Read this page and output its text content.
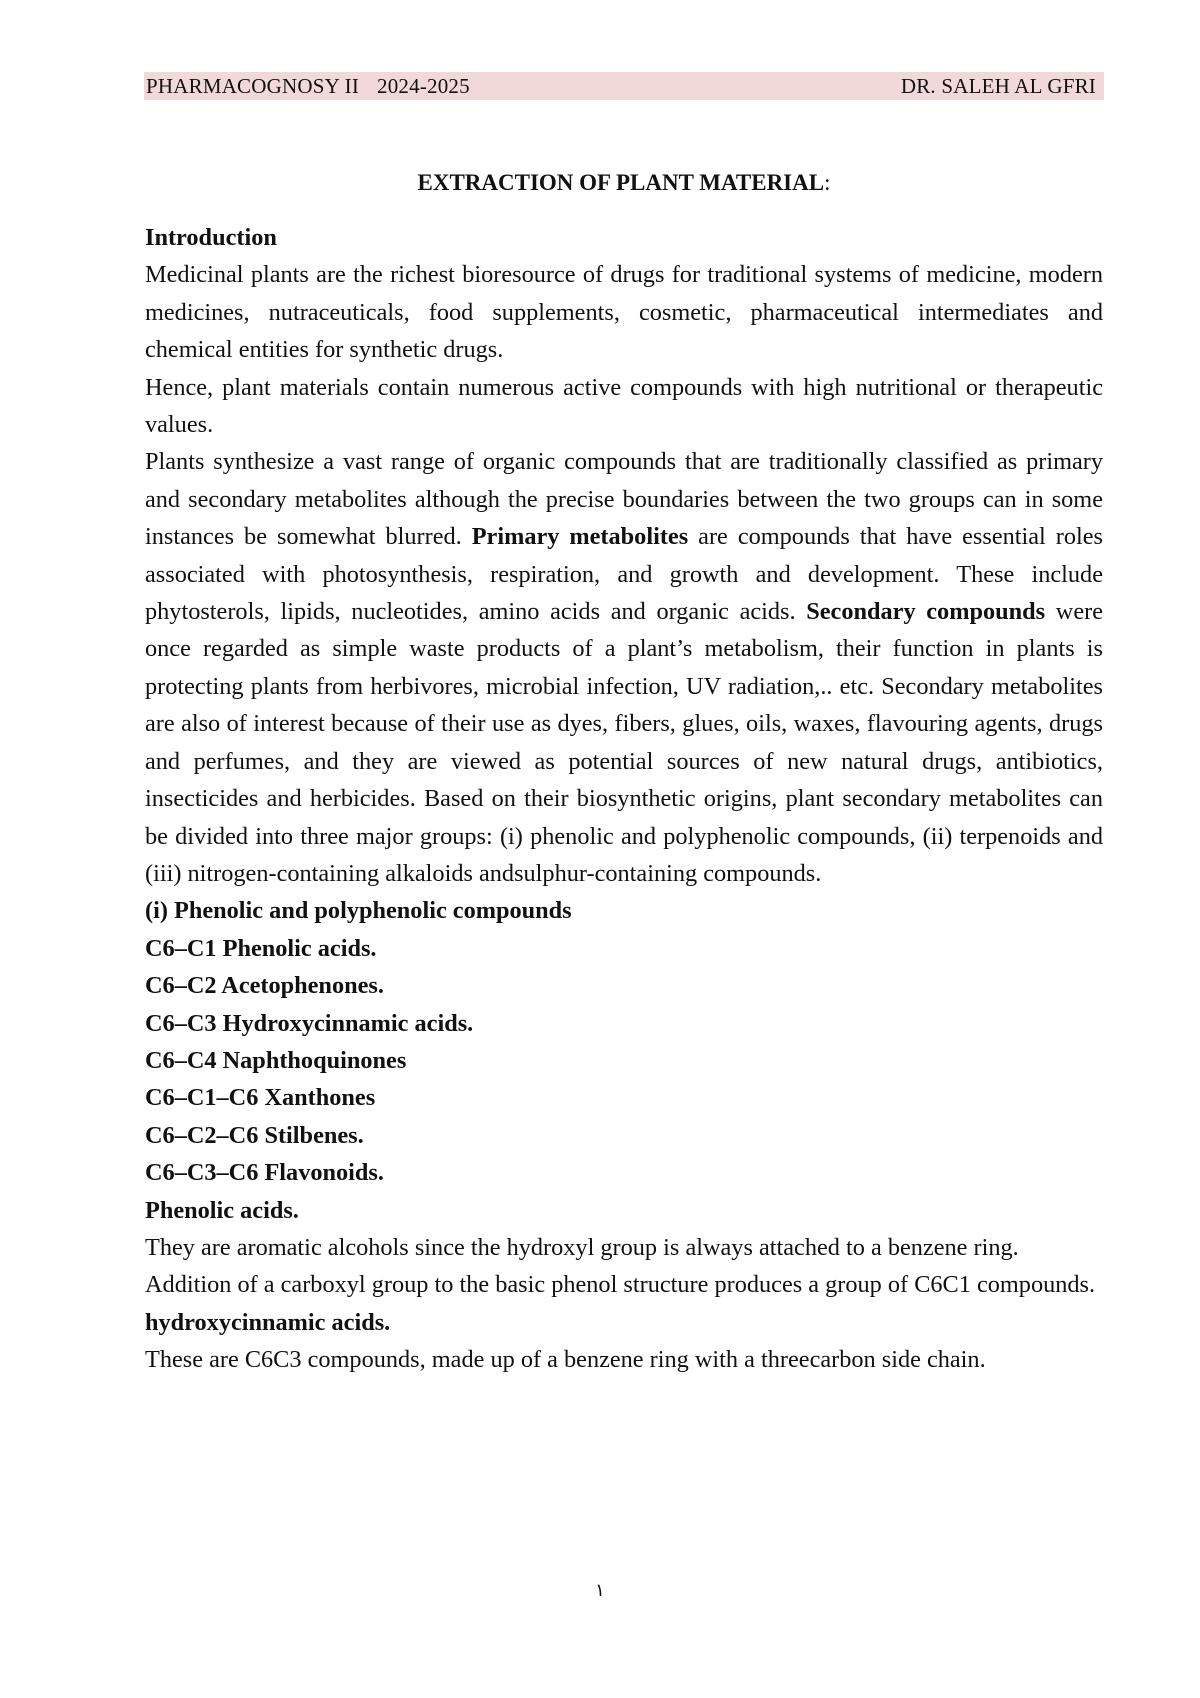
PHARMACOGNOSY II 2024-2025	DR. SALEH AL GFRI
EXTRACTION OF PLANT MATERIAL:
Introduction

Medicinal plants are the richest bioresource of drugs for traditional systems of medicine, modern medicines, nutraceuticals, food supplements, cosmetic, pharmaceutical intermediates and chemical entities for synthetic drugs.

Hence, plant materials contain numerous active compounds with high nutritional or therapeutic values.

Plants synthesize a vast range of organic compounds that are traditionally classified as primary and secondary metabolites although the precise boundaries between the two groups can in some instances be somewhat blurred. Primary metabolites are compounds that have essential roles associated with photosynthesis, respiration, and growth and development. These include phytosterols, lipids, nucleotides, amino acids and organic acids. Secondary compounds were once regarded as simple waste products of a plant’s metabolism, their function in plants is protecting plants from herbivores, microbial infection, UV radiation,.. etc. Secondary metabolites are also of interest because of their use as dyes, fibers, glues, oils, waxes, flavouring agents, drugs and perfumes, and they are viewed as potential sources of new natural drugs, antibiotics, insecticides and herbicides. Based on their biosynthetic origins, plant secondary metabolites can be divided into three major groups: (i) phenolic and polyphenolic compounds, (ii) terpenoids and (iii) nitrogen-containing alkaloids andsulphur-containing compounds.

(i) Phenolic and polyphenolic compounds
C6–C1 Phenolic acids.
C6–C2 Acetophenones.
C6–C3 Hydroxycinnamic acids.
C6–C4 Naphthoquinones
C6–C1–C6 Xanthones
C6–C2–C6 Stilbenes.
C6–C3–C6 Flavonoids.
Phenolic acids.

They are aromatic alcohols since the hydroxyl group is always attached to a benzene ring.

Addition of a carboxyl group to the basic phenol structure produces a group of C6C1 compounds.

hydroxycinnamic acids.

These are C6C3 compounds, made up of a benzene ring with a threecarbon side chain.

١
